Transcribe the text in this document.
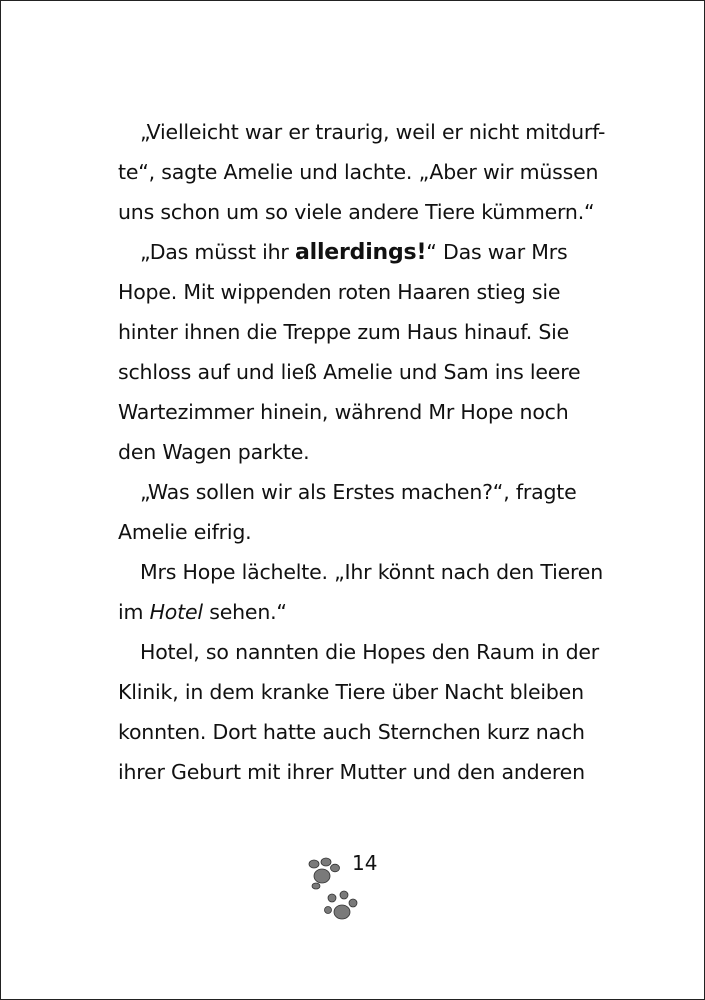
„Vielleicht war er traurig, weil er nicht mitdurf-
te“, sagte Amelie und lachte. „Aber wir müssen
uns schon um so viele andere Tiere kümmern.“
„Das müsst ihr allerdings!“ Das war Mrs
Hope. Mit wippenden roten Haaren stieg sie
hinter ihnen die Treppe zum Haus hinauf. Sie
schloss auf und ließ Amelie und Sam ins leere
Wartezimmer hinein, während Mr Hope noch
den Wagen parkte.
„Was sollen wir als Erstes machen?“, fragte
Amelie eifrig.
Mrs Hope lächelte. „Ihr könnt nach den Tieren
im Hotel sehen.“
Hotel, so nannten die Hopes den Raum in der
Klinik, in dem kranke Tiere über Nacht bleiben
konnten. Dort hatte auch Sternchen kurz nach
ihrer Geburt mit ihrer Mutter und den anderen
14
